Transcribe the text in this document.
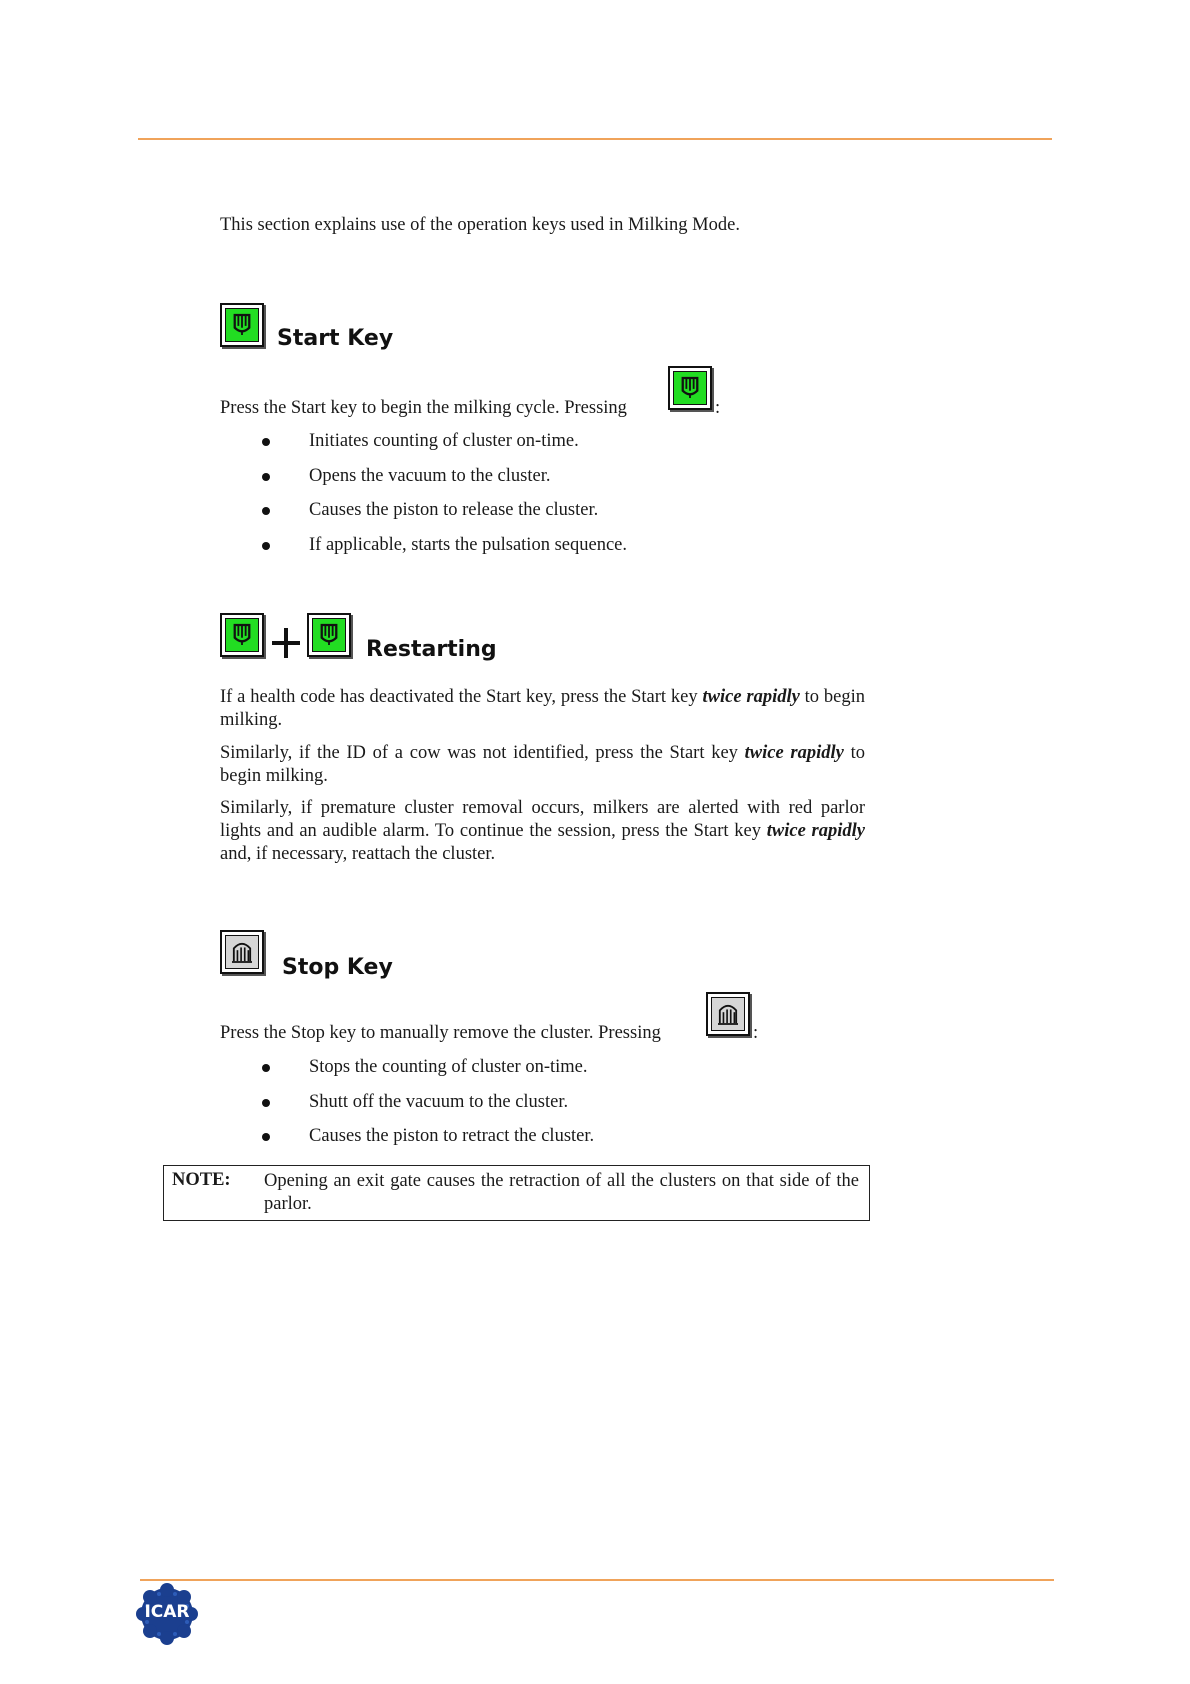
This section explains use of the operation keys used in Milking Mode.
Start Key
Press the Start key to begin the milking cycle. Pressing	:
Initiates counting of cluster on-time.
Opens the vacuum to the cluster.
Causes the piston to release the cluster.
If applicable, starts the pulsation sequence.
Restarting
If a health code has deactivated the Start key, press the Start key twice rapidly to begin milking.
Similarly, if the ID of a cow was not identified, press the Start key twice rapidly to begin milking.
Similarly, if premature cluster removal occurs, milkers are alerted with red parlor lights and an audible alarm. To continue the session, press the Start key twice rapidly and, if necessary, reattach the cluster.
Stop Key
Press the Stop key to manually remove the cluster. Pressing	:
Stops the counting of cluster on-time.
Shutt off the vacuum to the cluster.
Causes the piston to retract the cluster.
NOTE: Opening an exit gate causes the retraction of all the clusters on that side of the parlor.
ICAR
